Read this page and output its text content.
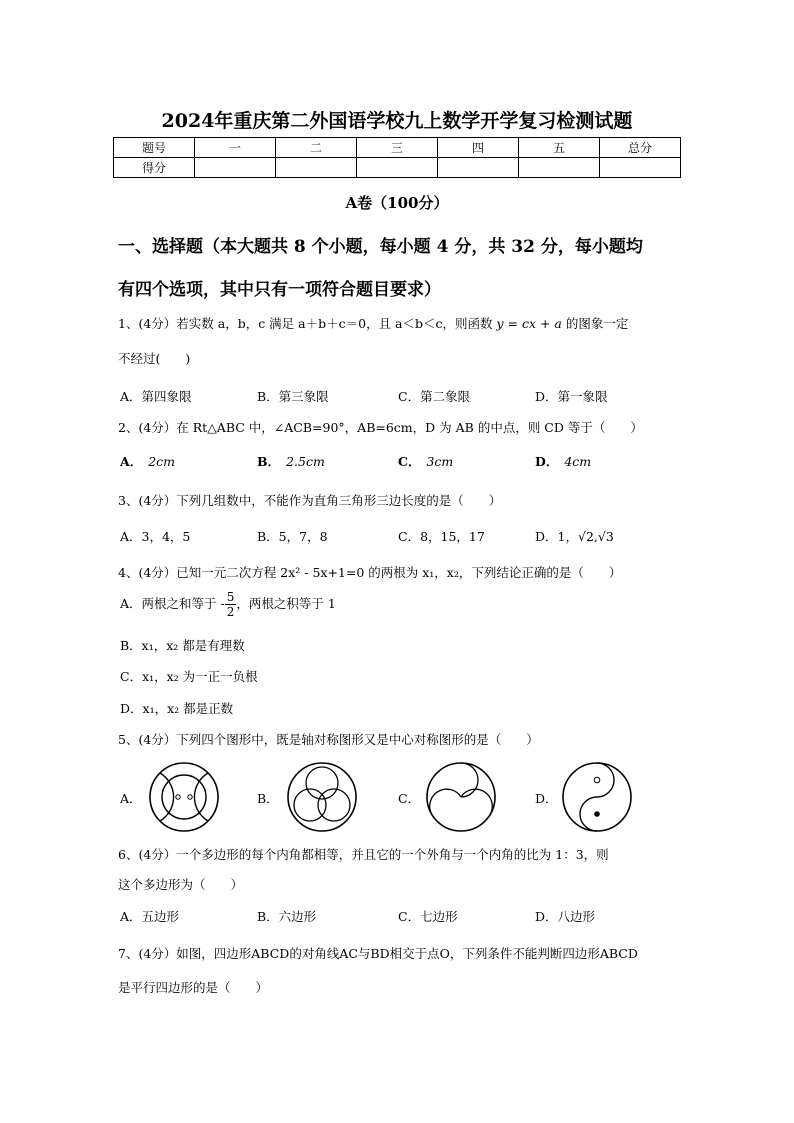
2024年重庆第二外国语学校九上数学开学复习检测试题
题号	一	二	三	四	五	总分
得分						
A卷（100分）
一、选择题（本大题共 8 个小题，每小题 4 分，共 32 分，每小题均
有四个选项，其中只有一项符合题目要求）
1、(4分）若实数 a，b，c 满足 a＋b＋c＝0，且 a＜b＜c，则函数 y = cx + a 的图象一定
不经过(　　)
A．第四象限	B．第三象限	C．第二象限	D．第一象限
2、(4分）在 Rt△ABC 中，∠ACB=90°，AB=6cm，D 为 AB 的中点，则 CD 等于（　　）
A． 2cm	B． 2.5cm	C． 3cm	D． 4cm
3、(4分）下列几组数中，不能作为直角三角形三边长度的是（　　）
A．3，4，5	B．5，7，8	C．8，15，17	D．1，√2,√3
4、(4分）已知一元二次方程 2x² - 5x+1=0 的两根为 x₁，x₂，下列结论正确的是（　　）
A．两根之和等于 - $\frac{5}{2}$ ，两根之积等于 1
B．x₁，x₂ 都是有理数
C．x₁，x₂ 为一正一负根
D．x₁，x₂ 都是正数
5、(4分）下列四个图形中，既是轴对称图形又是中心对称图形的是（　　）
A．	B．	C．	D．
6、(4分）一个多边形的每个内角都相等，并且它的一个外角与一个内角的比为 1：3，则
这个多边形为（　　）
A．五边形	B．六边形	C．七边形	D．八边形
7、(4分）如图，四边形ABCD的对角线AC与BD相交于点O，下列条件不能判断四边形ABCD
是平行四边形的是（　　）
